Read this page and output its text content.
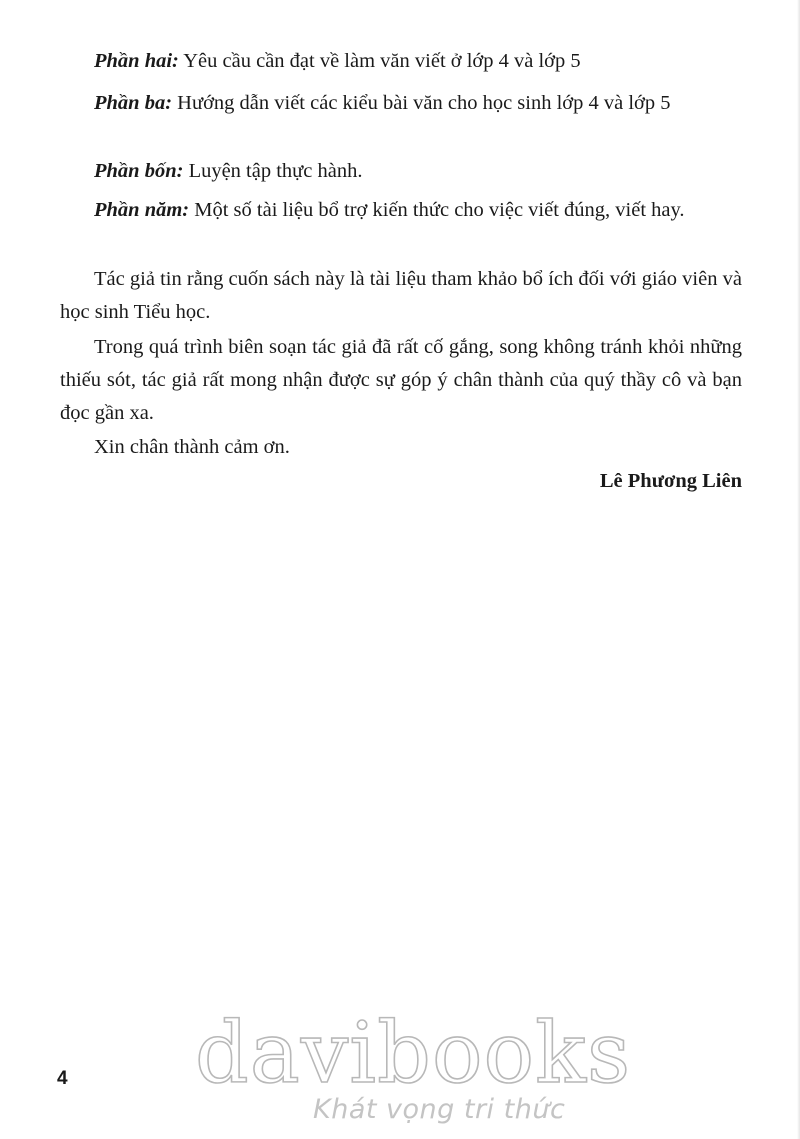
Phần hai: Yêu cầu cần đạt về làm văn viết ở lớp 4 và lớp 5

Phần ba: Hướng dẫn viết các kiểu bài văn cho học sinh lớp 4 và lớp 5

Phần bốn: Luyện tập thực hành.

Phần năm: Một số tài liệu bổ trợ kiến thức cho việc viết đúng, viết hay.

Tác giả tin rằng cuốn sách này là tài liệu tham khảo bổ ích đối với giáo viên và học sinh Tiểu học.

Trong quá trình biên soạn tác giả đã rất cố gắng, song không tránh khỏi những thiếu sót, tác giả rất mong nhận được sự góp ý chân thành của quý thầy cô và bạn đọc gần xa.

Xin chân thành cảm ơn.

Lê Phương Liên
4 davibooks
Khát vọng tri thức
